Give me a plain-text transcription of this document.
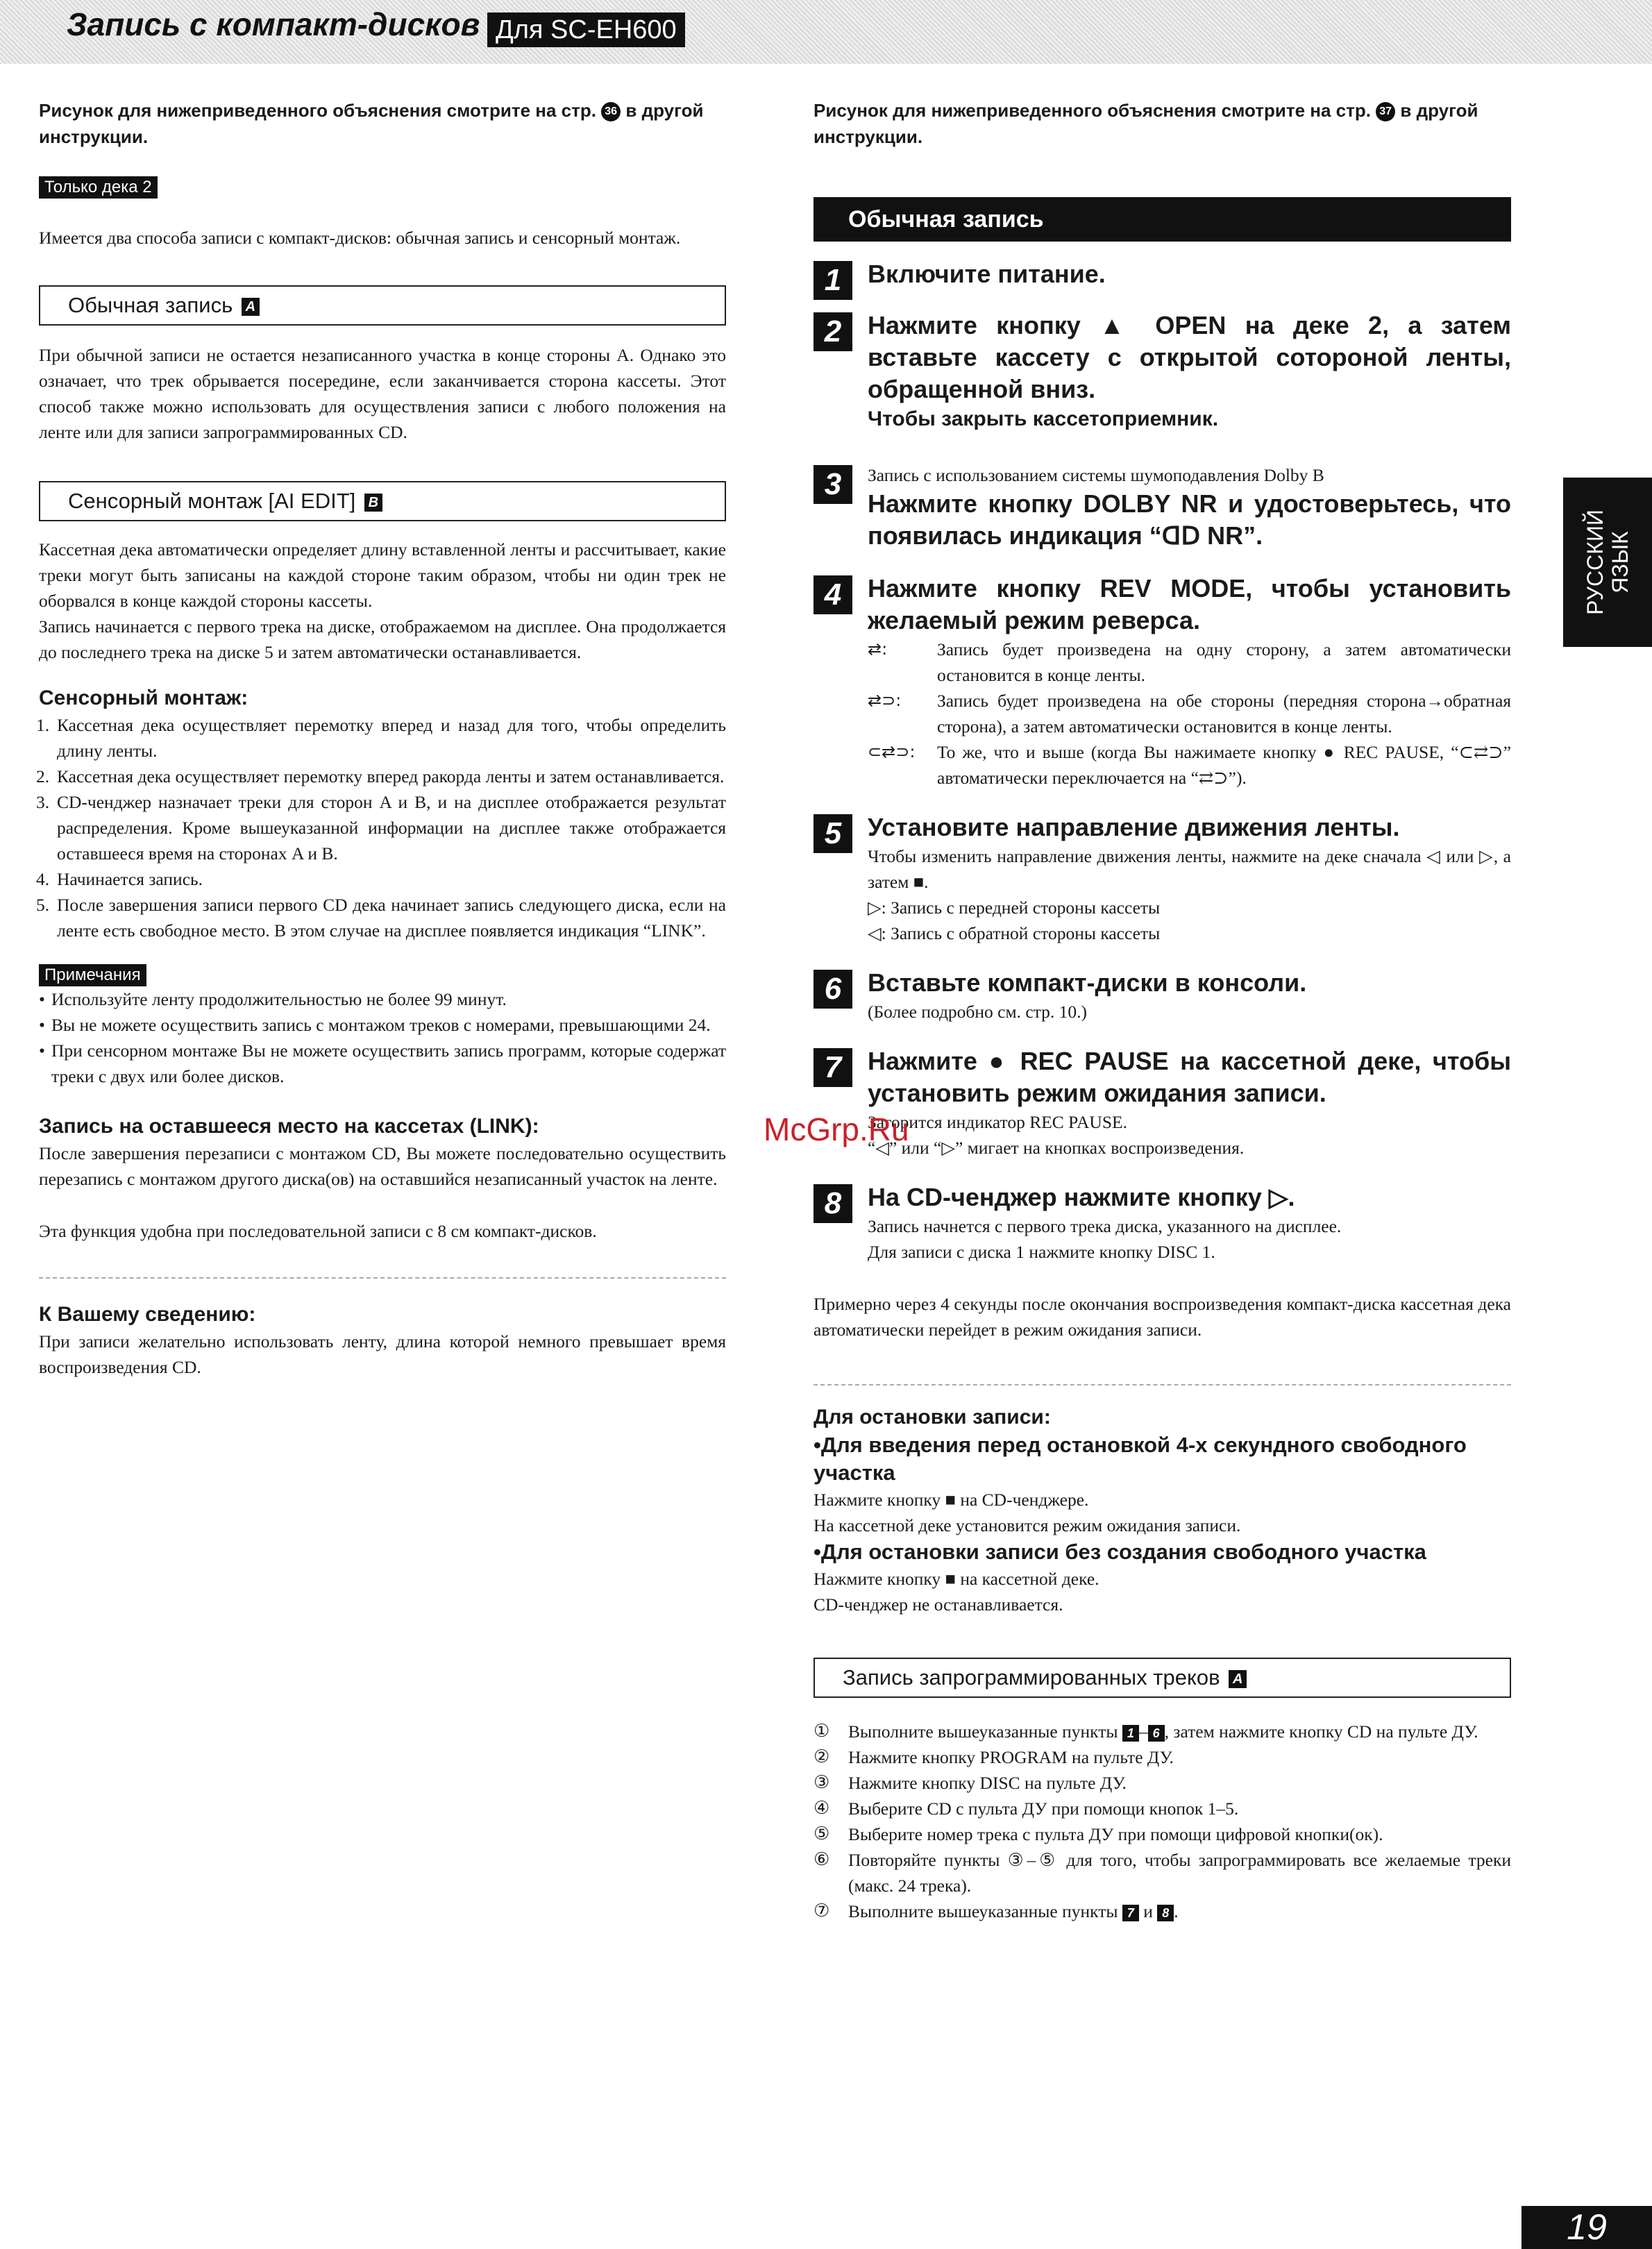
Запись с компакт-дисков Для SC-EH600

Рисунок для нижеприведенного объяснения смотрите на стр. 36 в другой инструкции.

Только дека 2

Имеется два способа записи с компакт-дисков: обычная запись и сенсорный монтаж.

Обычная запись A

При обычной записи не остается незаписанного участка в конце стороны A. Однако это означает, что трек обрывается посередине, если заканчивается сторона кассеты. Этот способ также можно использовать для осуществления записи с любого положения на ленте или для записи запрограммированных CD.

Сенсорный монтаж [AI EDIT] B

Кассетная дека автоматически определяет длину вставленной ленты и рассчитывает, какие треки могут быть записаны на каждой стороне таким образом, чтобы ни один трек не оборвался в конце каждой стороны кассеты.

Запись начинается с первого трека на диске, отображаемом на дисплее. Она продолжается до последнего трека на диске 5 и затем автоматически останавливается.

Сенсорный монтаж:
1. Кассетная дека осуществляет перемотку вперед и назад для того, чтобы определить длину ленты.
2. Кассетная дека осуществляет перемотку вперед ракорда ленты и затем останавливается.
3. CD-ченджер назначает треки для сторон A и B, и на дисплее отображается результат распределения. Кроме вышеуказанной информации на дисплее также отображается оставшееся время на сторонах A и B.
4. Начинается запись.
5. После завершения записи первого CD дека начинает запись следующего диска, если на ленте есть свободное место. В этом случае на дисплее появляется индикация “LINK”.
Примечания
• Используйте ленту продолжительностью не более 99 минут.
• Вы не можете осуществить запись с монтажом треков с номерами, превышающими 24.
• При сенсорном монтаже Вы не можете осуществить запись программ, которые содержат треки с двух или более дисков.
Запись на оставшееся место на кассетах (LINK):

После завершения перезаписи с монтажом CD, Вы можете последовательно осуществить перезапись с монтажом другого диска(ов) на оставшийся незаписанный участок на ленте.

Эта функция удобна при последовательной записи с 8 см компакт-дисков.

К Вашему сведению:

При записи желательно использовать ленту, длина которой немного превышает время воспроизведения CD.

Рисунок для нижеприведенного объяснения смотрите на стр. 37 в другой инструкции.

Обычная запись
1	Включите питание.
2	Нажмите кнопку ▲ OPEN на деке 2, а затем вставьте кассету с открытой сотороной ленты, обращенной вниз.
Чтобы закрыть кассетоприемник.
3	Запись с использованием системы шумоподавления Dolby B
Нажмите кнопку DOLBY NR и удостоверьтесь, что появилась индикация “ᗡᗞ NR”.
4	Нажмите кнопку REV MODE, чтобы установить желаемый режим реверса.
⇄:	Запись будет произведена на одну сторону, а затем автоматически остановится в конце ленты.
⇄⊃: Запись будет произведена на обе стороны (передняя сторона→обратная сторона), а затем автоматически остановится в конце ленты.
⊂⇄⊃: То же, что и выше (когда Вы нажимаете кнопку ● REC PAUSE, “⊂⇄⊃” автоматически переключается на “⇄⊃”).
5	Установите направление движения ленты.
Чтобы изменить направление движения ленты, нажмите на деке сначала ◁ или ▷, а затем ■.
▷: Запись с передней стороны кассеты
◁: Запись с обратной стороны кассеты
6	Вставьте компакт-диски в консоли.
(Более подробно см. стр. 10.)
7	Нажмите ● REC PAUSE на кассетной деке, чтобы установить режим ожидания записи.
Загорится индикатор REC PAUSE.
“◁” или “▷” мигает на кнопках воспроизведения.
8	На CD-ченджер нажмите кнопку ▷.
Запись начнется с первого трека диска, указанного на дисплее.
Для записи с диска 1 нажмите кнопку DISC 1.

Примерно через 4 секунды после окончания воспроизведения компакт-диска кассетная дека автоматически перейдет в режим ожидания записи.

Для остановки записи:
•Для введения перед остановкой 4-х секундного свободного участка
Нажмите кнопку ■ на CD-ченджере.
На кассетной деке установится режим ожидания записи.
•Для остановки записи без создания свободного участка
Нажмите кнопку ■ на кассетной деке.
CD-ченджер не останавливается.
Запись запрограммированных треков A
① Выполните вышеуказанные пункты 1 – 6 , затем нажмите кнопку CD на пульте ДУ.
② Нажмите кнопку PROGRAM на пульте ДУ.
③ Нажмите кнопку DISC на пульте ДУ.
④ Выберите CD с пульта ДУ при помощи кнопок 1–5.
⑤ Выберите номер трека с пульта ДУ при помощи цифровой кнопки(ок).
⑥ Повторяйте пункты ③–⑤ для того, чтобы запрограммировать все желаемые треки (макс. 24 трека).
⑦ Выполните вышеуказанные пункты 7 и 8 .
РУССКИЙ ЯЗЫК
McGrp.Ru
19
